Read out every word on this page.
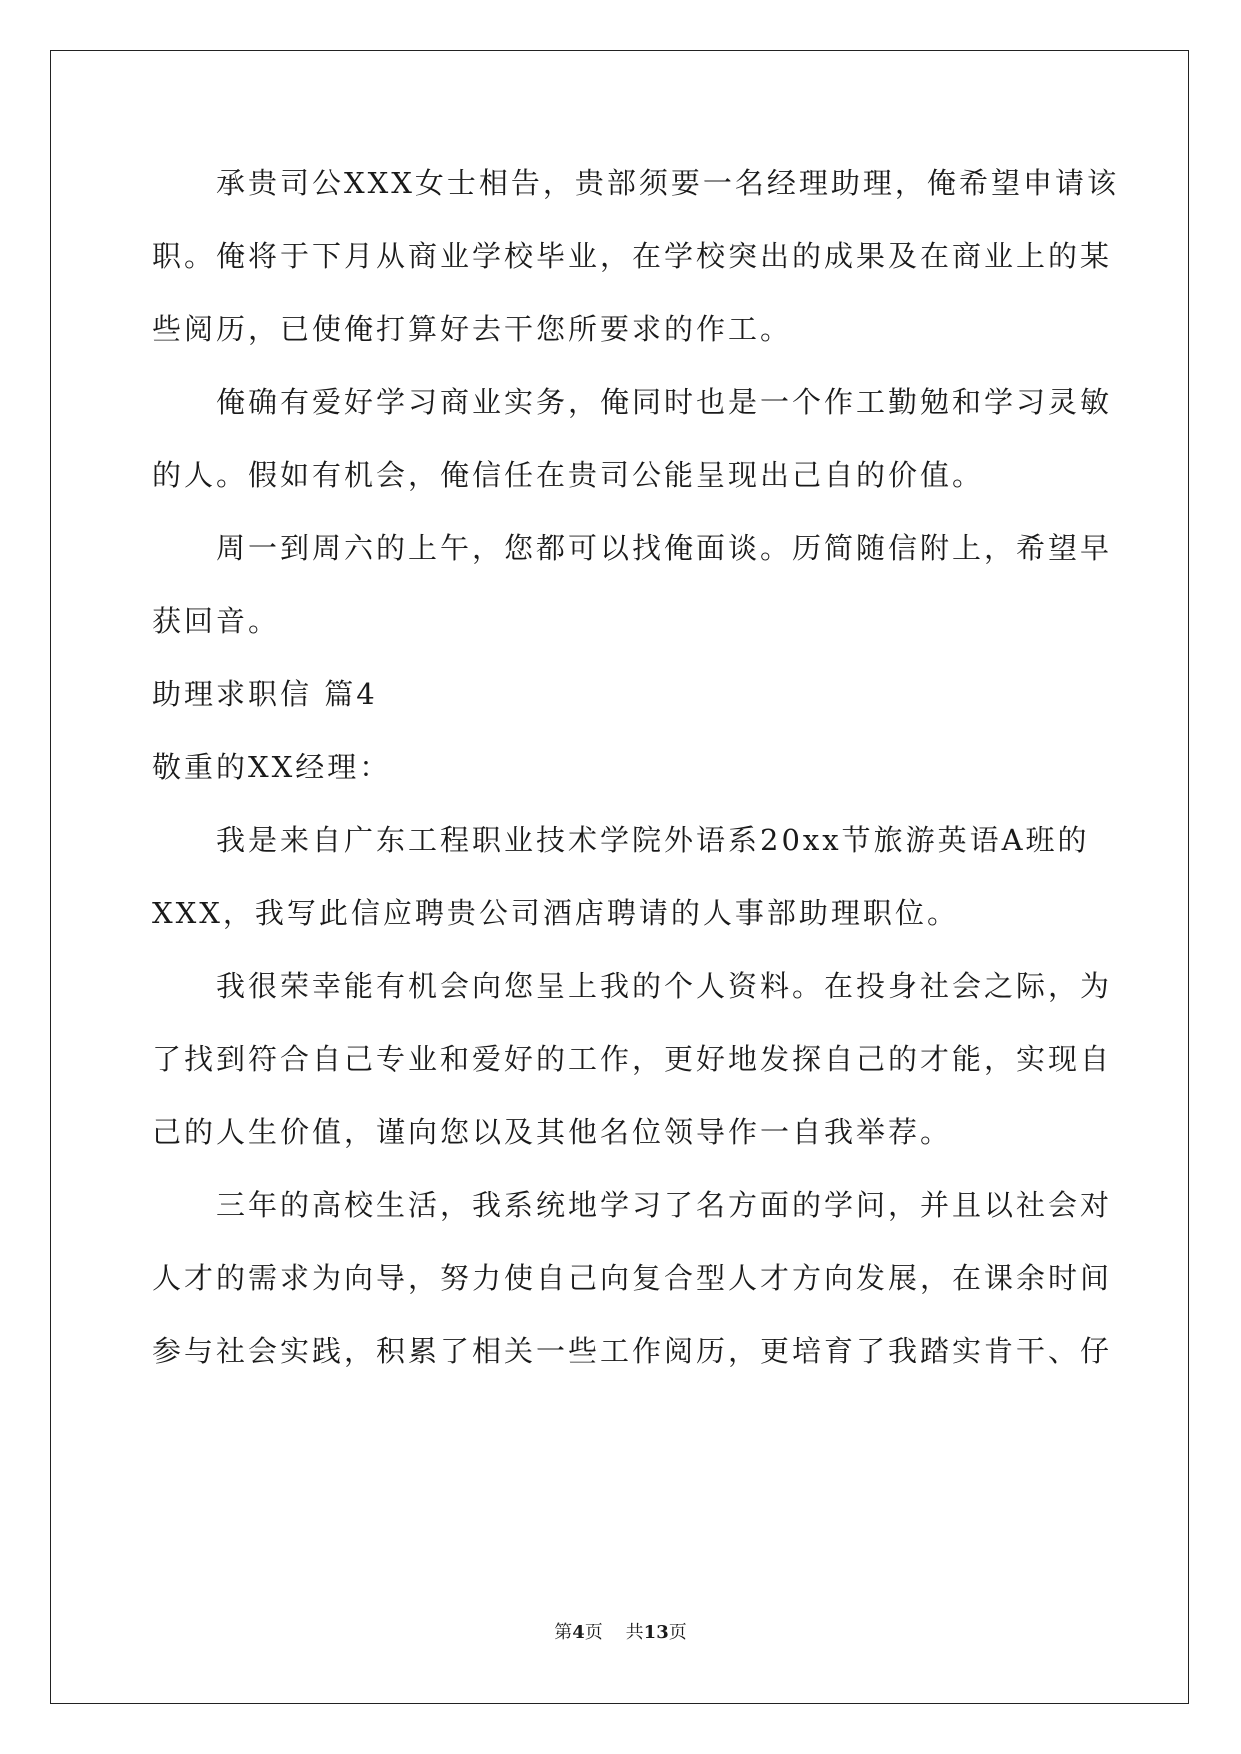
承贵司公XXX女士相告，贵部须要一名经理助理，俺希望申请该
职。俺将于下月从商业学校毕业，在学校突出的成果及在商业上的某
些阅历，已使俺打算好去干您所要求的作工。
俺确有爱好学习商业实务，俺同时也是一个作工勤勉和学习灵敏
的人。假如有机会，俺信任在贵司公能呈现出己自的价值。
周一到周六的上午，您都可以找俺面谈。历简随信附上，希望早
获回音。
助理求职信 篇4
敬重的XX经理：
我是来自广东工程职业技术学院外语系20xx节旅游英语A班的
XXX，我写此信应聘贵公司酒店聘请的人事部助理职位。
我很荣幸能有机会向您呈上我的个人资料。在投身社会之际，为
了找到符合自己专业和爱好的工作，更好地发探自己的才能，实现自
己的人生价值，谨向您以及其他名位领导作一自我举荐。
三年的高校生活，我系统地学习了名方面的学问，并且以社会对
人才的需求为向导，努力使自己向复合型人才方向发展，在课余时间
参与社会实践，积累了相关一些工作阅历，更培育了我踏实肯干、仔
第4页 共13页
